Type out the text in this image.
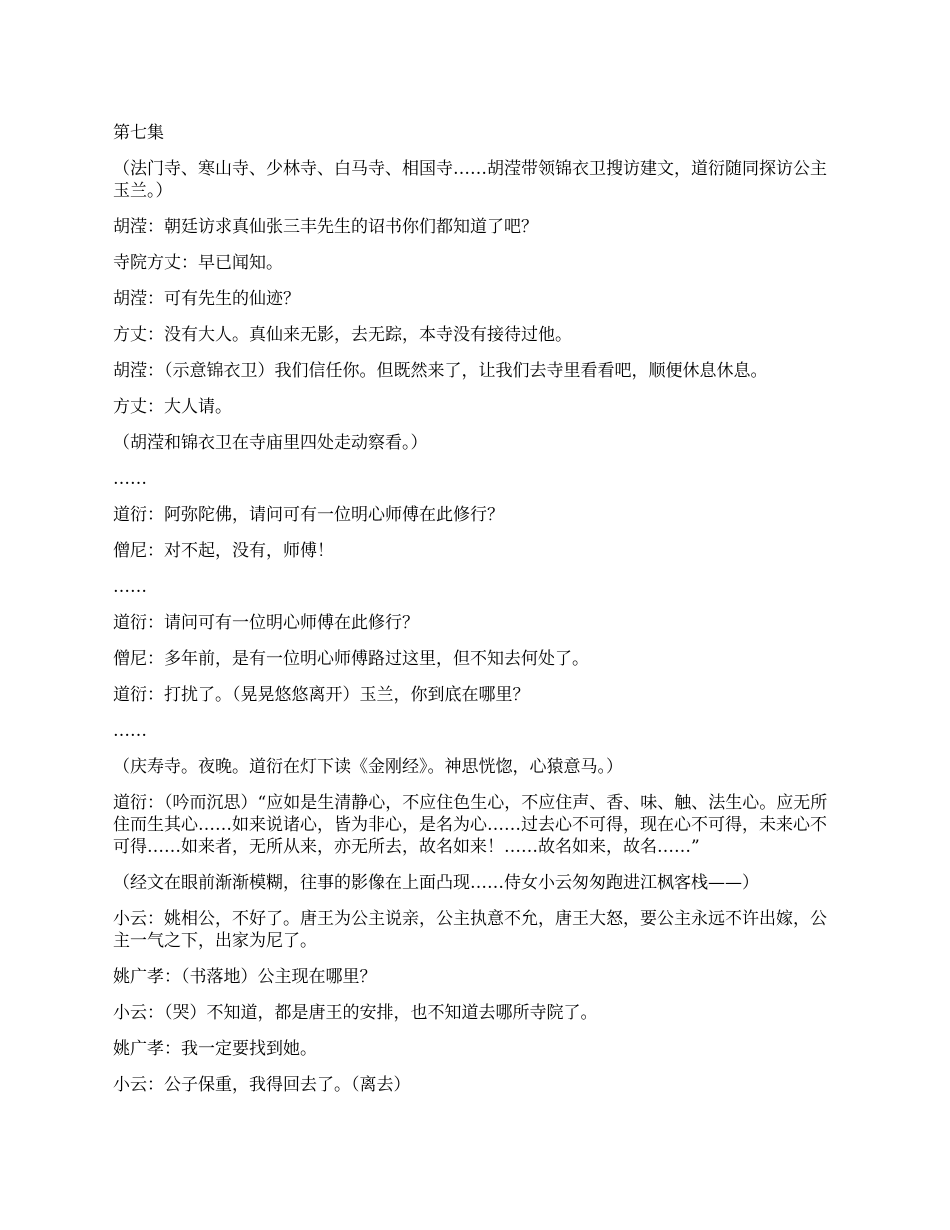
第七集

（法门寺、寒山寺、少林寺、白马寺、相国寺……胡滢带领锦衣卫搜访建文，道衍随同探访公主玉兰。）

胡滢：朝廷访求真仙张三丰先生的诏书你们都知道了吧？

寺院方丈：早已闻知。

胡滢：可有先生的仙迹？

方丈：没有大人。真仙来无影，去无踪，本寺没有接待过他。

胡滢：（示意锦衣卫）我们信任你。但既然来了，让我们去寺里看看吧，顺便休息休息。

方丈：大人请。

（胡滢和锦衣卫在寺庙里四处走动察看。）

……

道衍：阿弥陀佛，请问可有一位明心师傅在此修行？

僧尼：对不起，没有，师傅！

……

道衍：请问可有一位明心师傅在此修行？

僧尼：多年前，是有一位明心师傅路过这里，但不知去何处了。

道衍：打扰了。（晃晃悠悠离开）玉兰，你到底在哪里？

……

（庆寿寺。夜晚。道衍在灯下读《金刚经》。神思恍惚，心猿意马。）

道衍：（吟而沉思）“应如是生清静心，不应住色生心，不应住声、香、味、触、法生心。应无所住而生其心……如来说诸心，皆为非心，是名为心……过去心不可得，现在心不可得，未来心不可得……如来者，无所从来，亦无所去，故名如来！……故名如来，故名……”

（经文在眼前渐渐模糊，往事的影像在上面凸现……侍女小云匆匆跑进江枫客栈——）

小云：姚相公，不好了。唐王为公主说亲，公主执意不允，唐王大怒，要公主永远不许出嫁，公主一气之下，出家为尼了。

姚广孝：（书落地）公主现在哪里？

小云：（哭）不知道，都是唐王的安排，也不知道去哪所寺院了。

姚广孝：我一定要找到她。

小云：公子保重，我得回去了。（离去）
